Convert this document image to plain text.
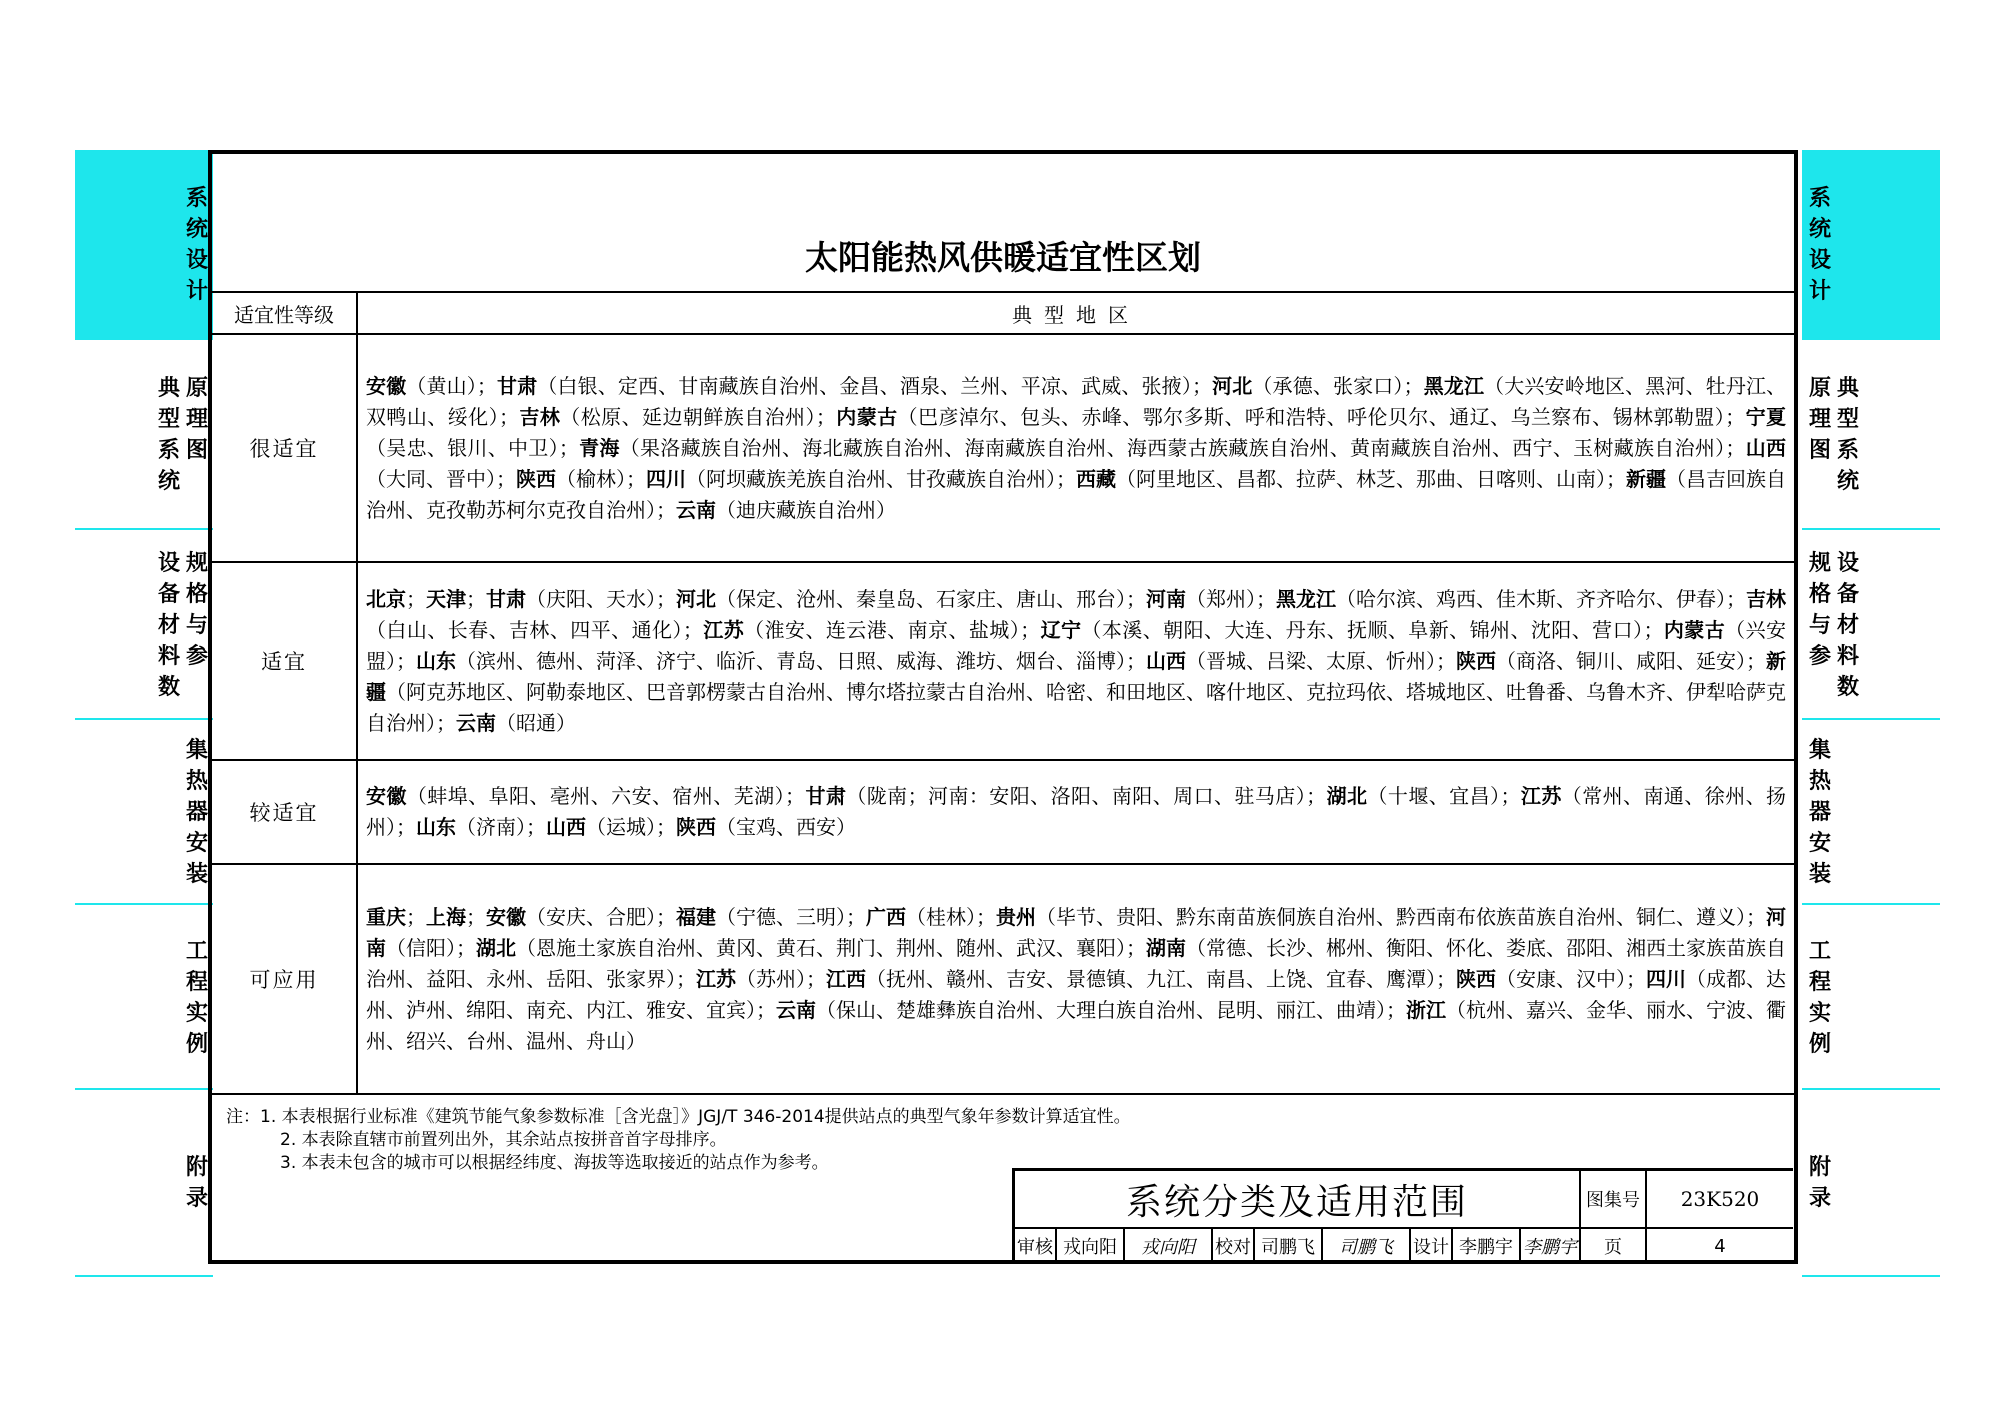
系
统
设
计
原
理
图
典
型
系
统
规
格
与
参
设
备
材
料
数
集
热
器
安
装
工
程
实
例
附
录
系
统
设
计
原
理
图
典
型
系
统
规
格
与
参
设
备
材
料
数
集
热
器
安
装
工
程
实
例
附
录
太阳能热风供暖适宜性区划
适宜性等级	典型地区
很适宜	安徽（黄山）；甘肃（白银、定西、甘南藏族自治州、金昌、酒泉、兰州、平凉、武威、张掖）；河北（承德、张家口）；黑龙江（大兴安岭地区、黑河、牡丹江、双鸭山、绥化）；吉林（松原、延边朝鲜族自治州）；内蒙古（巴彦淖尔、包头、赤峰、鄂尔多斯、呼和浩特、呼伦贝尔、通辽、乌兰察布、锡林郭勒盟）；宁夏（吴忠、银川、中卫）；青海（果洛藏族自治州、海北藏族自治州、海南藏族自治州、海西蒙古族藏族自治州、黄南藏族自治州、西宁、玉树藏族自治州）；山西（大同、晋中）；陕西（榆林）；四川（阿坝藏族羌族自治州、甘孜藏族自治州）；西藏（阿里地区、昌都、拉萨、林芝、那曲、日喀则、山南）；新疆（昌吉回族自治州、克孜勒苏柯尔克孜自治州）；云南（迪庆藏族自治州）
适宜	北京；天津；甘肃（庆阳、天水）；河北（保定、沧州、秦皇岛、石家庄、唐山、邢台）；河南（郑州）；黑龙江（哈尔滨、鸡西、佳木斯、齐齐哈尔、伊春）；吉林（白山、长春、吉林、四平、通化）；江苏（淮安、连云港、南京、盐城）；辽宁（本溪、朝阳、大连、丹东、抚顺、阜新、锦州、沈阳、营口）；内蒙古（兴安盟）；山东（滨州、德州、菏泽、济宁、临沂、青岛、日照、威海、潍坊、烟台、淄博）；山西（晋城、吕梁、太原、忻州）；陕西（商洛、铜川、咸阳、延安）；新疆（阿克苏地区、阿勒泰地区、巴音郭楞蒙古自治州、博尔塔拉蒙古自治州、哈密、和田地区、喀什地区、克拉玛依、塔城地区、吐鲁番、乌鲁木齐、伊犁哈萨克自治州）；云南（昭通）
较适宜	安徽（蚌埠、阜阳、亳州、六安、宿州、芜湖）；甘肃（陇南；河南：安阳、洛阳、南阳、周口、驻马店）；湖北（十堰、宜昌）；江苏（常州、南通、徐州、扬州）；山东（济南）；山西（运城）；陕西（宝鸡、西安）
可应用	重庆；上海；安徽（安庆、合肥）；福建（宁德、三明）；广西（桂林）；贵州（毕节、贵阳、黔东南苗族侗族自治州、黔西南布依族苗族自治州、铜仁、遵义）；河南（信阳）；湖北（恩施土家族自治州、黄冈、黄石、荆门、荆州、随州、武汉、襄阳）；湖南（常德、长沙、郴州、衡阳、怀化、娄底、邵阳、湘西土家族苗族自治州、益阳、永州、岳阳、张家界）；江苏（苏州）；江西（抚州、赣州、吉安、景德镇、九江、南昌、上饶、宜春、鹰潭）；陕西（安康、汉中）；四川（成都、达州、泸州、绵阳、南充、内江、雅安、宜宾）；云南（保山、楚雄彝族自治州、大理白族自治州、昆明、丽江、曲靖）；浙江（杭州、嘉兴、金华、丽水、宁波、衢州、绍兴、台州、温州、舟山）
注：1. 本表根据行业标准《建筑节能气象参数标准［含光盘］》JGJ/T 346-2014提供站点的典型气象年参数计算适宜性。
2. 本表除直辖市前置列出外，其余站点按拼音首字母排序。
3. 本表未包含的城市可以根据经纬度、海拔等选取接近的站点作为参考。
系统分类及适用范围	图集号	23K520
审核 戎向阳	戎向阳	校对 司鹏飞	司鹏飞	设计 李鹏宇 李鹏宇	页	4
